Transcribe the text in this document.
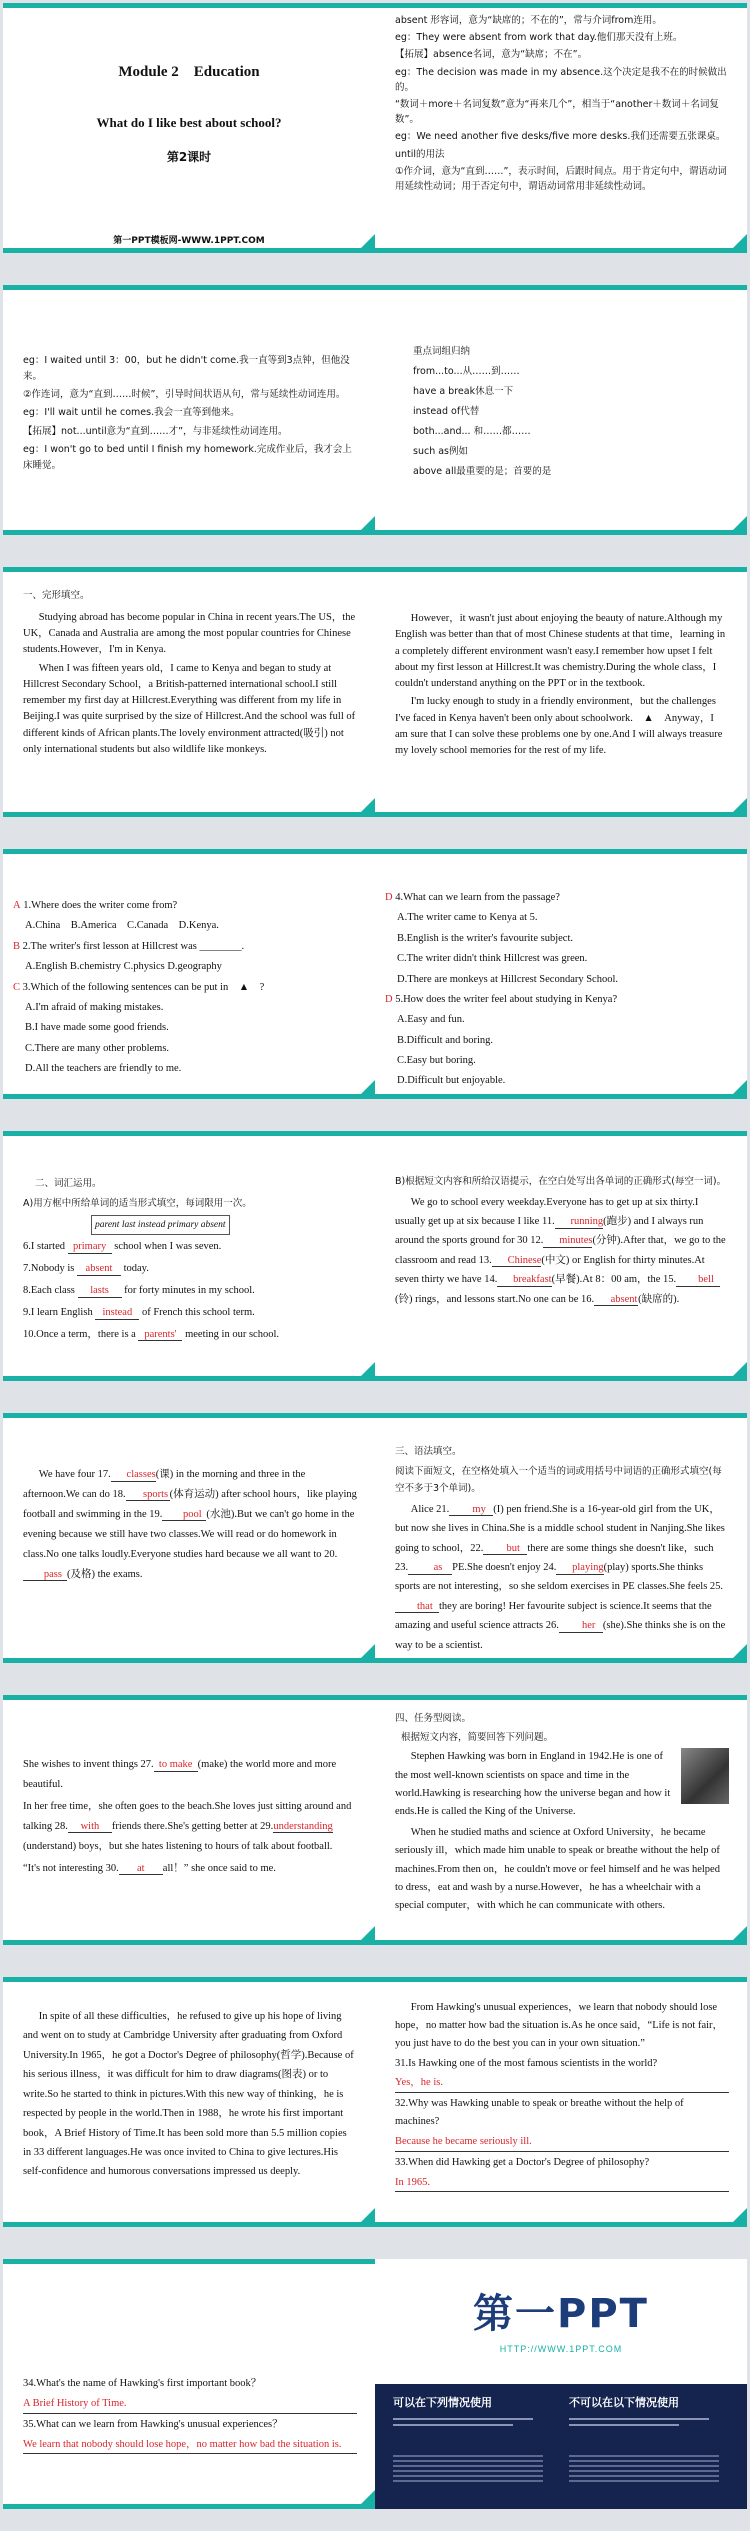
Module 2　Education
What do I like best about school?
第2课时
第一PPT模板网-WWW.1PPT.COM

absent 形容词，意为“缺席的；不在的”，常与介词from连用。

eg：They were absent from work that day.他们那天没有上班。

【拓展】absence名词，意为“缺席；不在”。

eg：The decision was made in my absence.这个决定是我不在的时候做出的。

“数词＋more＋名词复数”意为“再来几个”，相当于“another＋数词＋名词复数”。

eg：We need another five desks/five more desks.我们还需要五张课桌。

until的用法

①作介词，意为“直到……”，表示时间，后跟时间点。用于肯定句中，谓语动词用延续性动词；用于否定句中，谓语动词常用非延续性动词。

eg：I waited until 3：00，but he didn't come.我一直等到3点钟，但他没来。

②作连词，意为“直到……时候”，引导时间状语从句，常与延续性动词连用。

eg：I'll wait until he comes.我会一直等到他来。

【拓展】not...until意为“直到……才”，与非延续性动词连用。

eg：I won't go to bed until I finish my homework.完成作业后，我才会上床睡觉。

重点词组归纳

from...to...从……到……

have a break休息一下

instead of代替

both...and... 和……都……

such as例如

above all最重要的是；首要的是

一、完形填空。

Studying abroad has become popular in China in recent years.The US，the UK，Canada and Australia are among the most popular countries for Chinese students.However，I'm in Kenya.

When I was fifteen years old，I came to Kenya and began to study at Hillcrest Secondary School，a British-patterned international school.I still remember my first day at Hillcrest.Everything was different from my life in Beijing.I was quite surprised by the size of Hillcrest.And the school was full of different kinds of African plants.The lovely environment attracted(吸引) not only international students but also wildlife like monkeys.

However，it wasn't just about enjoying the beauty of nature.Although my English was better than that of most Chinese students at that time，learning in a completely different environment wasn't easy.I remember how upset I felt about my first lesson at Hillcrest.It was chemistry.During the whole class，I couldn't understand anything on the PPT or in the textbook.

I'm lucky enough to study in a friendly environment，but the challenges I've faced in Kenya haven't been only about schoolwork.　▲　Anyway，I am sure that I can solve these problems one by one.And I will always treasure my lovely school memories for the rest of my life.

A 1.Where does the writer come from?

A.China　B.America　C.Canada　D.Kenya.

B 2.The writer's first lesson at Hillcrest was ________.

A.English B.chemistry C.physics D.geography

C 3.Which of the following sentences can be put in　▲　?

A.I'm afraid of making mistakes.

B.I have made some good friends.

C.There are many other problems.

D.All the teachers are friendly to me.

D 4.What can we learn from the passage?

A.The writer came to Kenya at 5.

B.English is the writer's favourite subject.

C.The writer didn't think Hillcrest was green.

D.There are monkeys at Hillcrest Secondary School.

D 5.How does the writer feel about studying in Kenya?

A.Easy and fun.

B.Difficult and boring.

C.Easy but boring.

D.Difficult but enjoyable.

二、词汇运用。

A)用方框中所给单词的适当形式填空，每词限用一次。

parent last instead primary absent

6.I started primary school when I was seven.

7.Nobody is absent today.

8.Each class lasts for forty minutes in my school.

9.I learn English instead of French this school term.

10.Once a term，there is a parents' meeting in our school.

B)根据短文内容和所给汉语提示，在空白处写出各单词的正确形式(每空一词)。

We go to school every weekday.Everyone has to get up at six thirty.I usually get up at six because I like 11. running(跑步) and I always run around the sports ground for 30 12. minutes(分钟).After that，we go to the classroom and read 13. Chinese(中文) or English for thirty minutes.At seven thirty we have 14. breakfast(早餐).At 8：00 am，the 15. bell(铃) rings，and lessons start.No one can be 16. absent(缺席的).

We have four 17. classes(课) in the morning and three in the afternoon.We can do 18. sports (体育运动) after school hours，like playing football and swimming in the 19. pool (水池).But we can't go home in the evening because we still have two classes.We will read or do homework in class.No one talks loudly.Everyone studies hard because we all want to 20.pass (及格) the exams.

三、语法填空。

阅读下面短文，在空格处填入一个适当的词或用括号中词语的正确形式填空(每空不多于3个单词)。

Alice 21. my (I) pen friend.She is a 16-year-old girl from the UK，but now she lives in China.She is a middle school student in Nanjing.She likes going to school，22. but there are some things she doesn't like，such 23. as PE.She doesn't enjoy 24. playing(play) sports.She thinks sports are not interesting，so she seldom exercises in PE classes.She feels 25.that they are boring! Her favourite subject is science.It seems that the amazing and useful science attracts 26. her (she).She thinks she is on the way to be a scientist.

She wishes to invent things 27. to make (make) the world more and more beautiful.

In her free time，she often goes to the beach.She loves just sitting around and talking 28. with friends there.She's getting better at 29.understanding(understand) boys，but she hates listening to hours of talk about football.

“It's not interesting 30. at all！” she once said to me.

四、任务型阅读。

根据短文内容，简要回答下列问题。

Stephen Hawking was born in England in 1942.He is one of the most well-known scientists on space and time in the world.Hawking is researching how the universe began and how it ends.He is called the King of the Universe.

When he studied maths and science at Oxford University，he became seriously ill，which made him unable to speak or breathe without the help of machines.From then on，he couldn't move or feel himself and he was helped to dress，eat and wash by a nurse.However，he has a wheelchair with a special computer，with which he can communicate with others.

In spite of all these difficulties，he refused to give up his hope of living and went on to study at Cambridge University after graduating from Oxford University.In 1965，he got a Doctor's Degree of philosophy(哲学).Because of his serious illness，it was difficult for him to draw diagrams(图表) or to write.So he started to think in pictures.With this new way of thinking，he is respected by people in the world.Then in 1988，he wrote his first important book，A Brief History of Time.It has been sold more than 5.5 million copies in 33 different languages.He was once invited to China to give lectures.His self-confidence and humorous conversations impressed us deeply.

From Hawking's unusual experiences，we learn that nobody should lose hope，no matter how bad the situation is.As he once said，“Life is not fair，you just have to do the best you can in your own situation.”

31.Is Hawking one of the most famous scientists in the world?

Yes，he is.

32.Why was Hawking unable to speak or breathe without the help of machines?

Because he became seriously ill.

33.When did Hawking get a Doctor's Degree of philosophy?

In 1965.

34.What's the name of Hawking's first important book？

A Brief History of Time.

35.What can we learn from Hawking's unusual experiences？

We learn that nobody should lose hope，no matter how bad the situation is.

第一PPT
HTTP://WWW.1PPT.COM
可以在下列情况使用	不可以在以下情况使用
